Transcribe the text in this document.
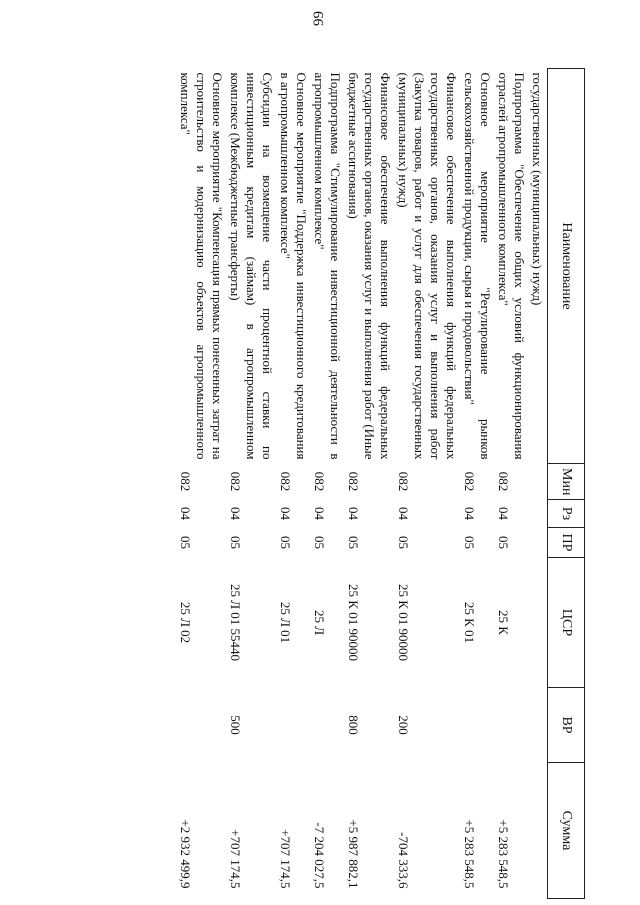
99
Наименование	Мин	Рз	ПР	ЦСР	ВР	Сумма
государственных (муниципальных) нужд)						
Подпрограмма "Обеспечение общих условий функционирования отраслей агропромышленного комплекса"	082	04	05	25 К		+5 283 548,5
Основное мероприятие "Регулирование рынков сельскохозяйственной продукции, сырья и продовольствия"	082	04	05	25 К 01		+5 283 548,5
Финансовое обеспечение выполнения функций федеральных государственных органов, оказания услуг и выполнения работ (Закупка товаров, работ и услуг для обеспечения государственных (муниципальных) нужд)	082	04	05	25 К 01 90000	200	-704 333,6
Финансовое обеспечение выполнения функций федеральных государственных органов, оказания услуг и выполнения работ (Иные бюджетные ассигнования)	082	04	05	25 К 01 90000	800	+5 987 882,1
Подпрограмма "Стимулирование инвестиционной деятельности в агропромышленном комплексе"	082	04	05	25 Л		-7 204 027,5
Основное мероприятие "Поддержка инвестиционного кредитования в агропромышленном комплексе"	082	04	05	25 Л 01		+707 174,5
Субсидии на возмещение части процентной ставки по инвестиционным кредитам (займам) в агропромышленном комплексе (Межбюджетные трансферты)	082	04	05	25 Л 01 55440	500	+707 174,5
Основное мероприятие "Компенсация прямых понесенных затрат на строительство и модернизацию объектов агропромышленного комплекса"	082	04	05	25 Л 02		+2 932 499,9
